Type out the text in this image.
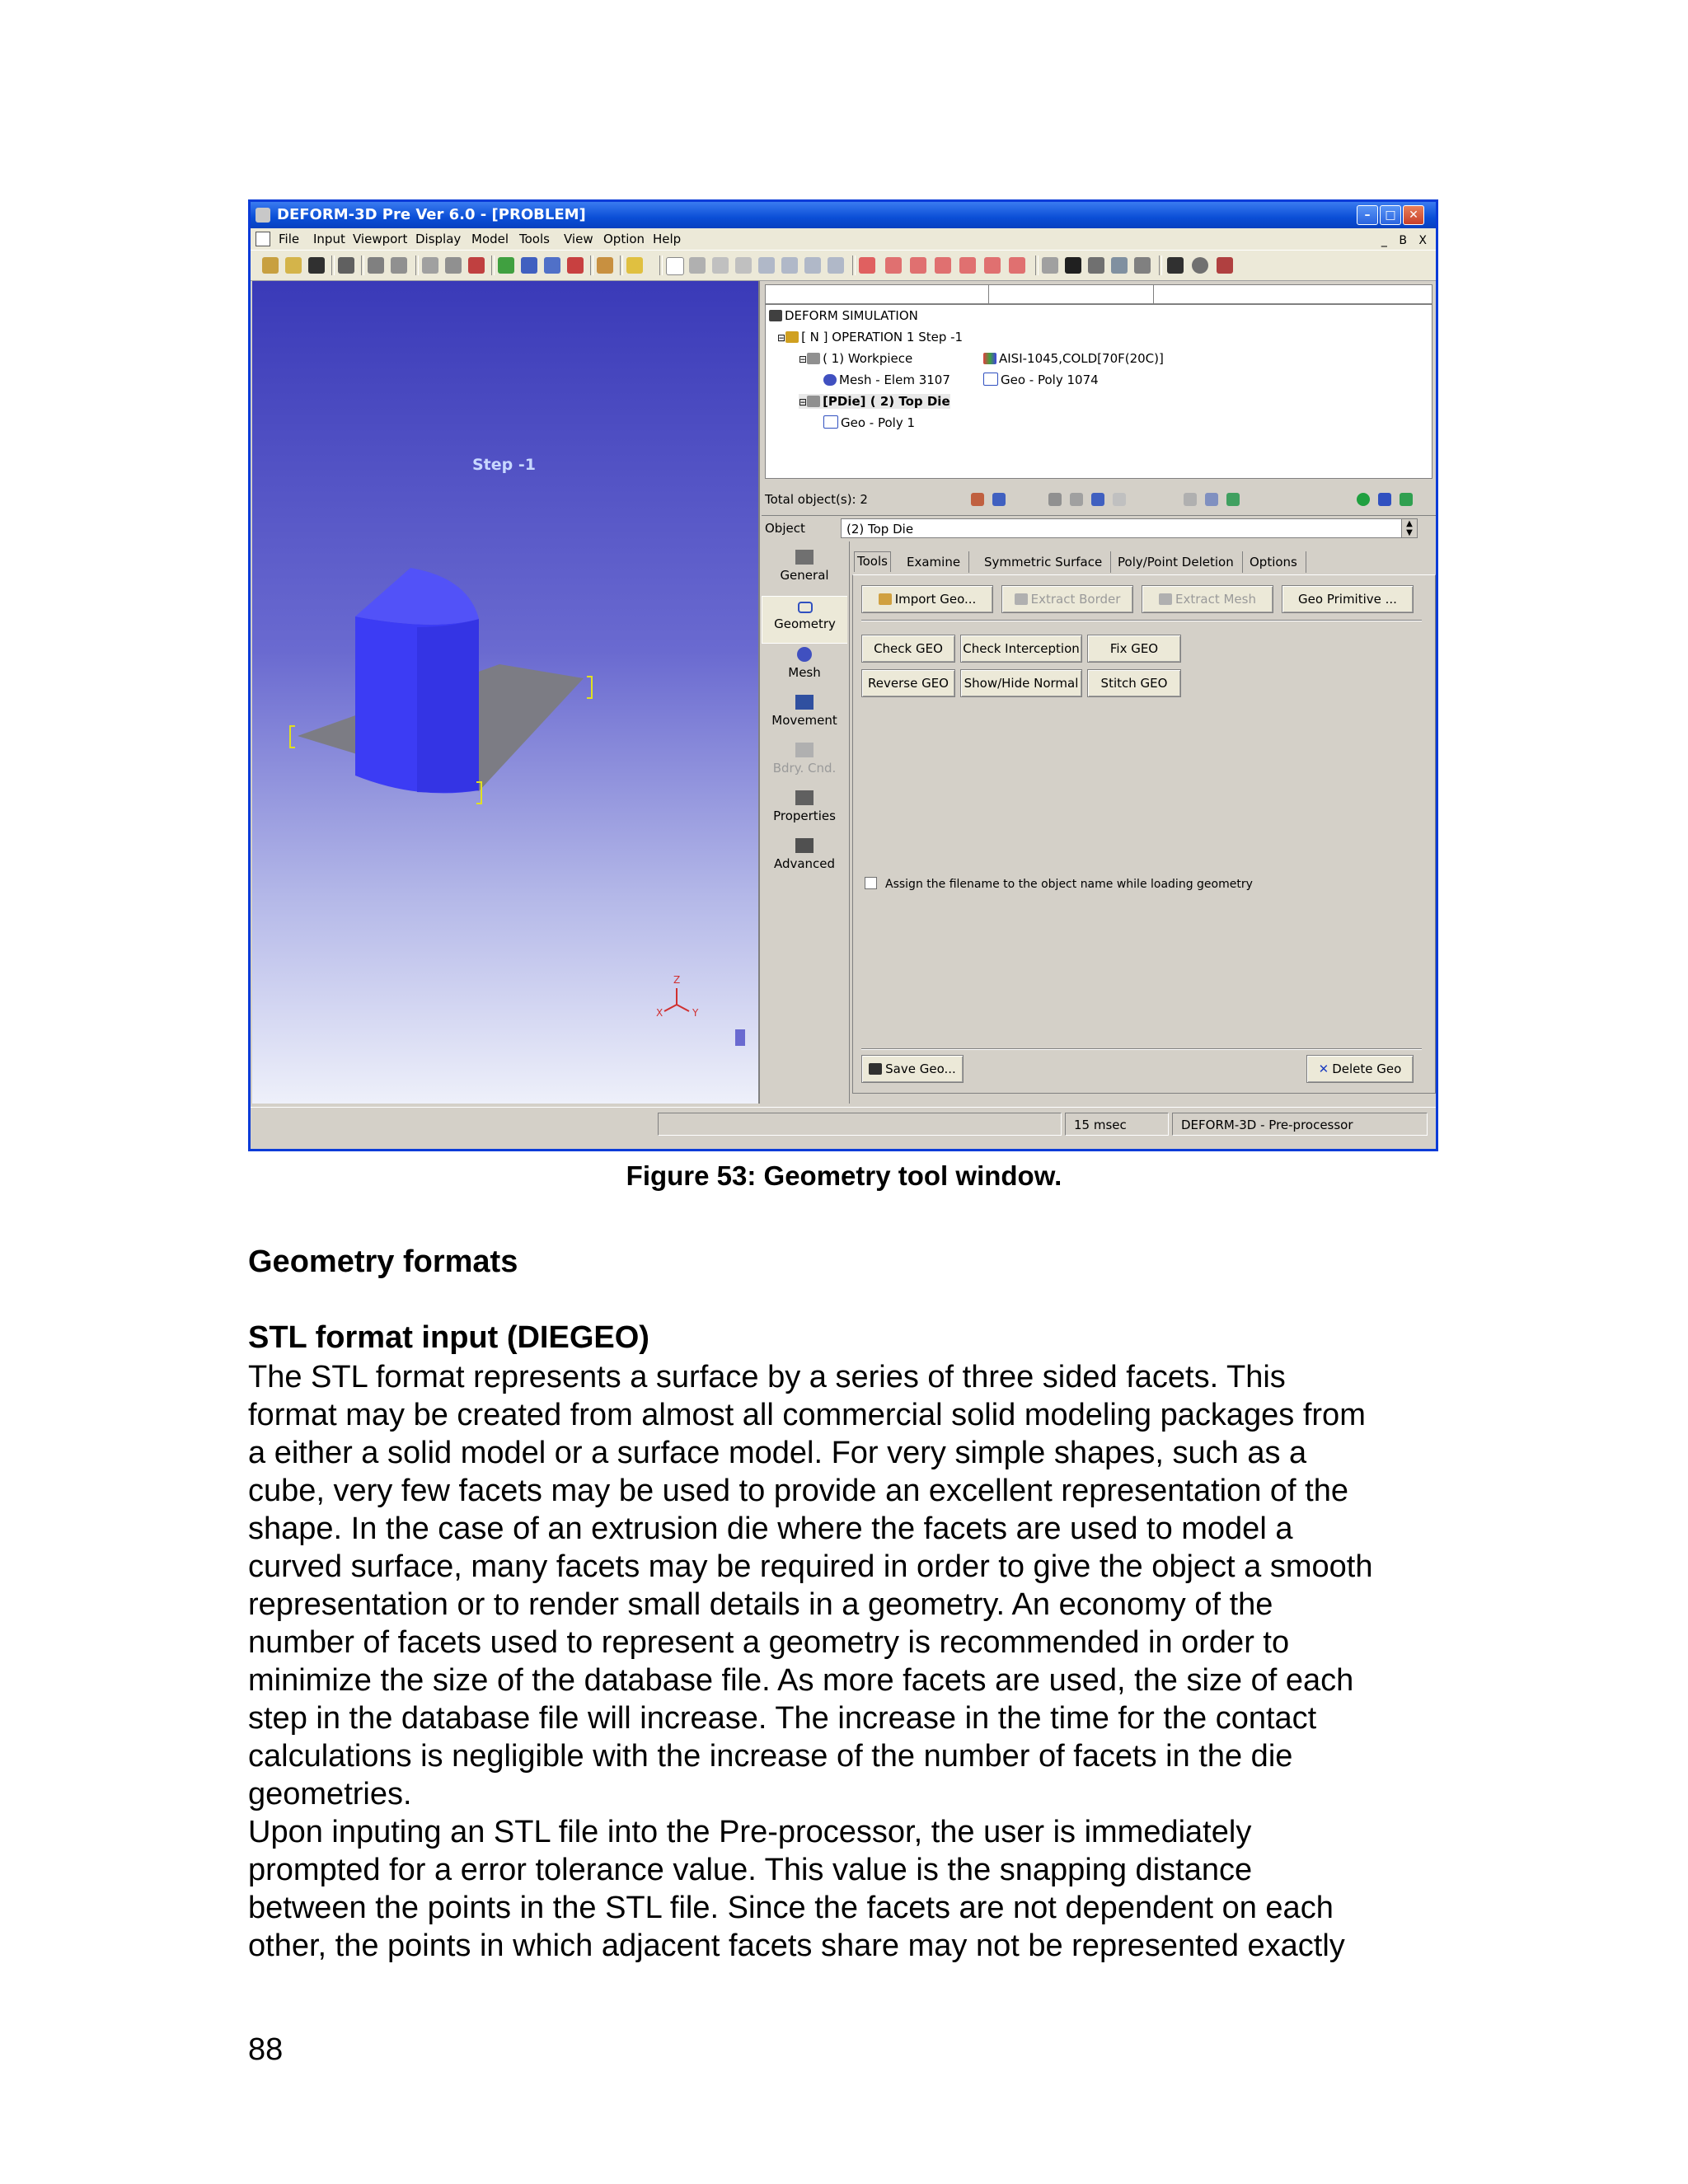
DEFORM-3D Pre Ver 6.0 - [PROBLEM]	–	□	✕
File Input Viewport Display Model Tools View Option Help	_ B X
Step -1
Z
X	Y
DEFORM SIMULATION
⊟ [ N ] OPERATION 1 Step -1
⊟ ( 1) Workpiece	AISI-1045,COLD[70F(20C)]
Mesh - Elem 3107	Geo - Poly 1074
⊟ [PDie] ( 2) Top Die
Geo - Poly 1
Total object(s): 2
Object	(2) Top Die	▲
▼
General
Geometry
Mesh
Movement
Bdry. Cnd.
Properties
Advanced
Tools	Examine	Symmetric Surface	Poly/Point Deletion	Options
Import Geo...	Extract Border	Extract Mesh	Geo Primitive ...
Check GEO	Check Interception	Fix GEO
Reverse GEO	Show/Hide Normal	Stitch GEO
Assign the filename to the object name while loading geometry
Save Geo...	✕ Delete Geo
15 msec	DEFORM-3D - Pre-processor
Figure 53: Geometry tool window.
Geometry formats
STL format input (DIEGEO)
The STL format represents a surface by a series of three sided facets. This
format may be created from almost all commercial solid modeling packages from
a either a solid model or a surface model. For very simple shapes, such as a
cube, very few facets may be used to provide an excellent representation of the
shape. In the case of an extrusion die where the facets are used to model a
curved surface, many facets may be required in order to give the object a smooth
representation or to render small details in a geometry. An economy of the
number of facets used to represent a geometry is recommended in order to
minimize the size of the database file. As more facets are used, the size of each
step in the database file will increase. The increase in the time for the contact
calculations is negligible with the increase of the number of facets in the die
geometries.
Upon inputing an STL file into the Pre-processor, the user is immediately
prompted for a error tolerance value. This value is the snapping distance
between the points in the STL file. Since the facets are not dependent on each
other, the points in which adjacent facets share may not be represented exactly
88
